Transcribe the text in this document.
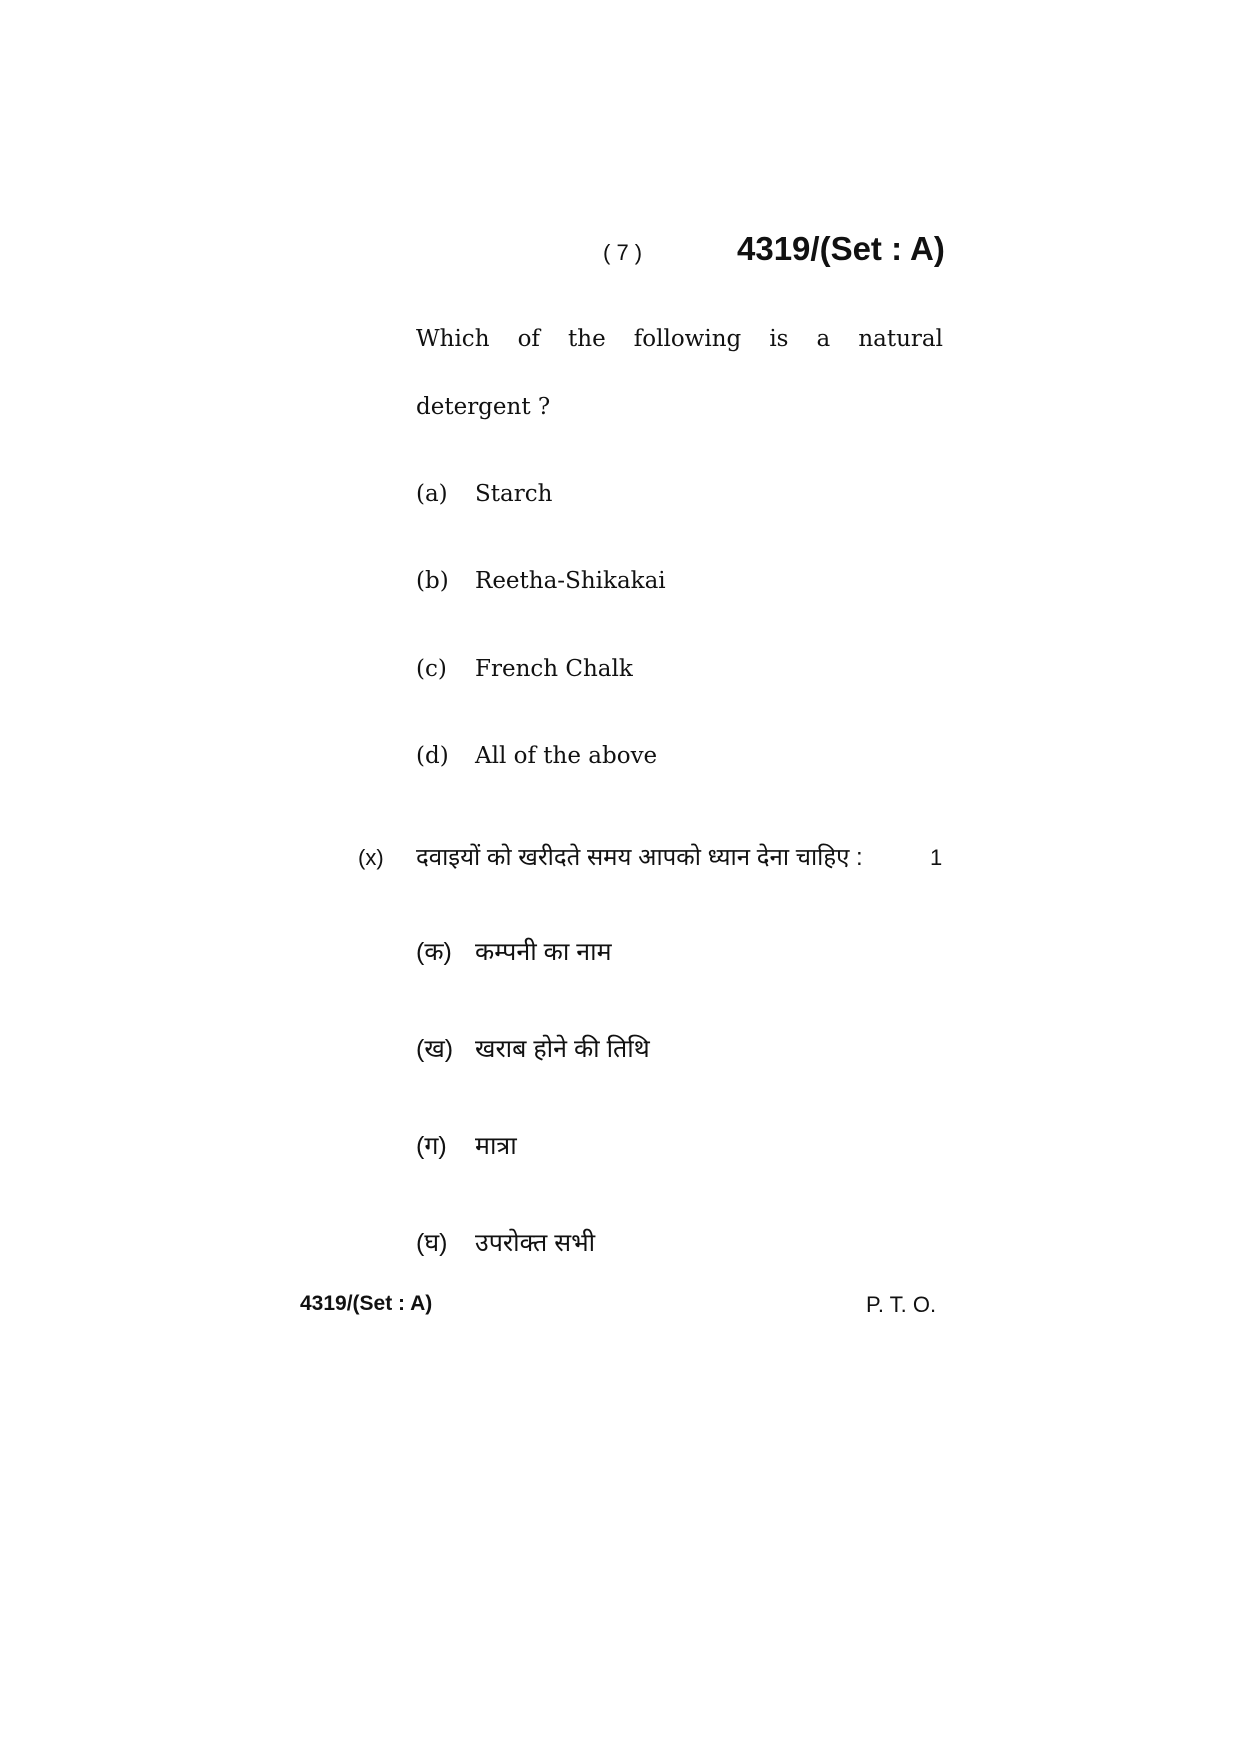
( 7 )	4319/(Set : A)
Which of the following is a natural
detergent ?
(a) Starch
(b) Reetha-Shikakai
(c) French Chalk
(d) All of the above
(x) दवाइयों को खरीदते समय आपको ध्यान देना चाहिए :	1
(क) कम्पनी का नाम
(ख) खराब होने की तिथि
(ग) मात्रा
(घ) उपरोक्त सभी
4319/(Set : A)	P. T. O.
